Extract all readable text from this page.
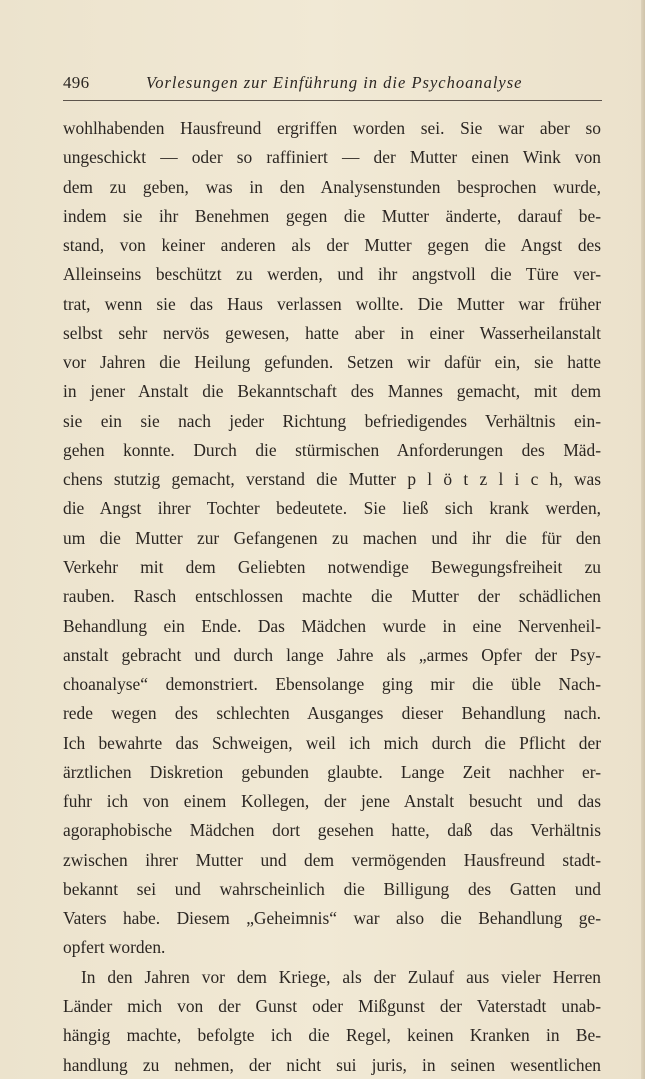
496	Vorlesungen zur Einführung in die Psychoanalyse
wohlhabenden Hausfreund ergriffen worden sei. Sie war aber so
ungeschickt — oder so raffiniert — der Mutter einen Wink von
dem zu geben, was in den Analysenstunden besprochen wurde,
indem sie ihr Benehmen gegen die Mutter änderte, darauf be-
stand, von keiner anderen als der Mutter gegen die Angst des
Alleinseins beschützt zu werden, und ihr angstvoll die Türe ver-
trat, wenn sie das Haus verlassen wollte. Die Mutter war früher
selbst sehr nervös gewesen, hatte aber in einer Wasserheilanstalt
vor Jahren die Heilung gefunden. Setzen wir dafür ein, sie hatte
in jener Anstalt die Bekanntschaft des Mannes gemacht, mit dem
sie ein sie nach jeder Richtung befriedigendes Verhältnis ein-
gehen konnte. Durch die stürmischen Anforderungen des Mäd-
chens stutzig gemacht, verstand die Mutter p l ö t z l i c h, was
die Angst ihrer Tochter bedeutete. Sie ließ sich krank werden,
um die Mutter zur Gefangenen zu machen und ihr die für den
Verkehr mit dem Geliebten notwendige Bewegungsfreiheit zu
rauben. Rasch entschlossen machte die Mutter der schädlichen
Behandlung ein Ende. Das Mädchen wurde in eine Nervenheil-
anstalt gebracht und durch lange Jahre als „armes Opfer der Psy-
choanalyse“ demonstriert. Ebensolange ging mir die üble Nach-
rede wegen des schlechten Ausganges dieser Behandlung nach.
Ich bewahrte das Schweigen, weil ich mich durch die Pflicht der
ärztlichen Diskretion gebunden glaubte. Lange Zeit nachher er-
fuhr ich von einem Kollegen, der jene Anstalt besucht und das
agoraphobische Mädchen dort gesehen hatte, daß das Verhältnis
zwischen ihrer Mutter und dem vermögenden Hausfreund stadt-
bekannt sei und wahrscheinlich die Billigung des Gatten und
Vaters habe. Diesem „Geheimnis“ war also die Behandlung ge-
opfert worden.
In den Jahren vor dem Kriege, als der Zulauf aus vieler Herren
Länder mich von der Gunst oder Mißgunst der Vaterstadt unab-
hängig machte, befolgte ich die Regel, keinen Kranken in Be-
handlung zu nehmen, der nicht sui juris, in seinen wesentlichen
